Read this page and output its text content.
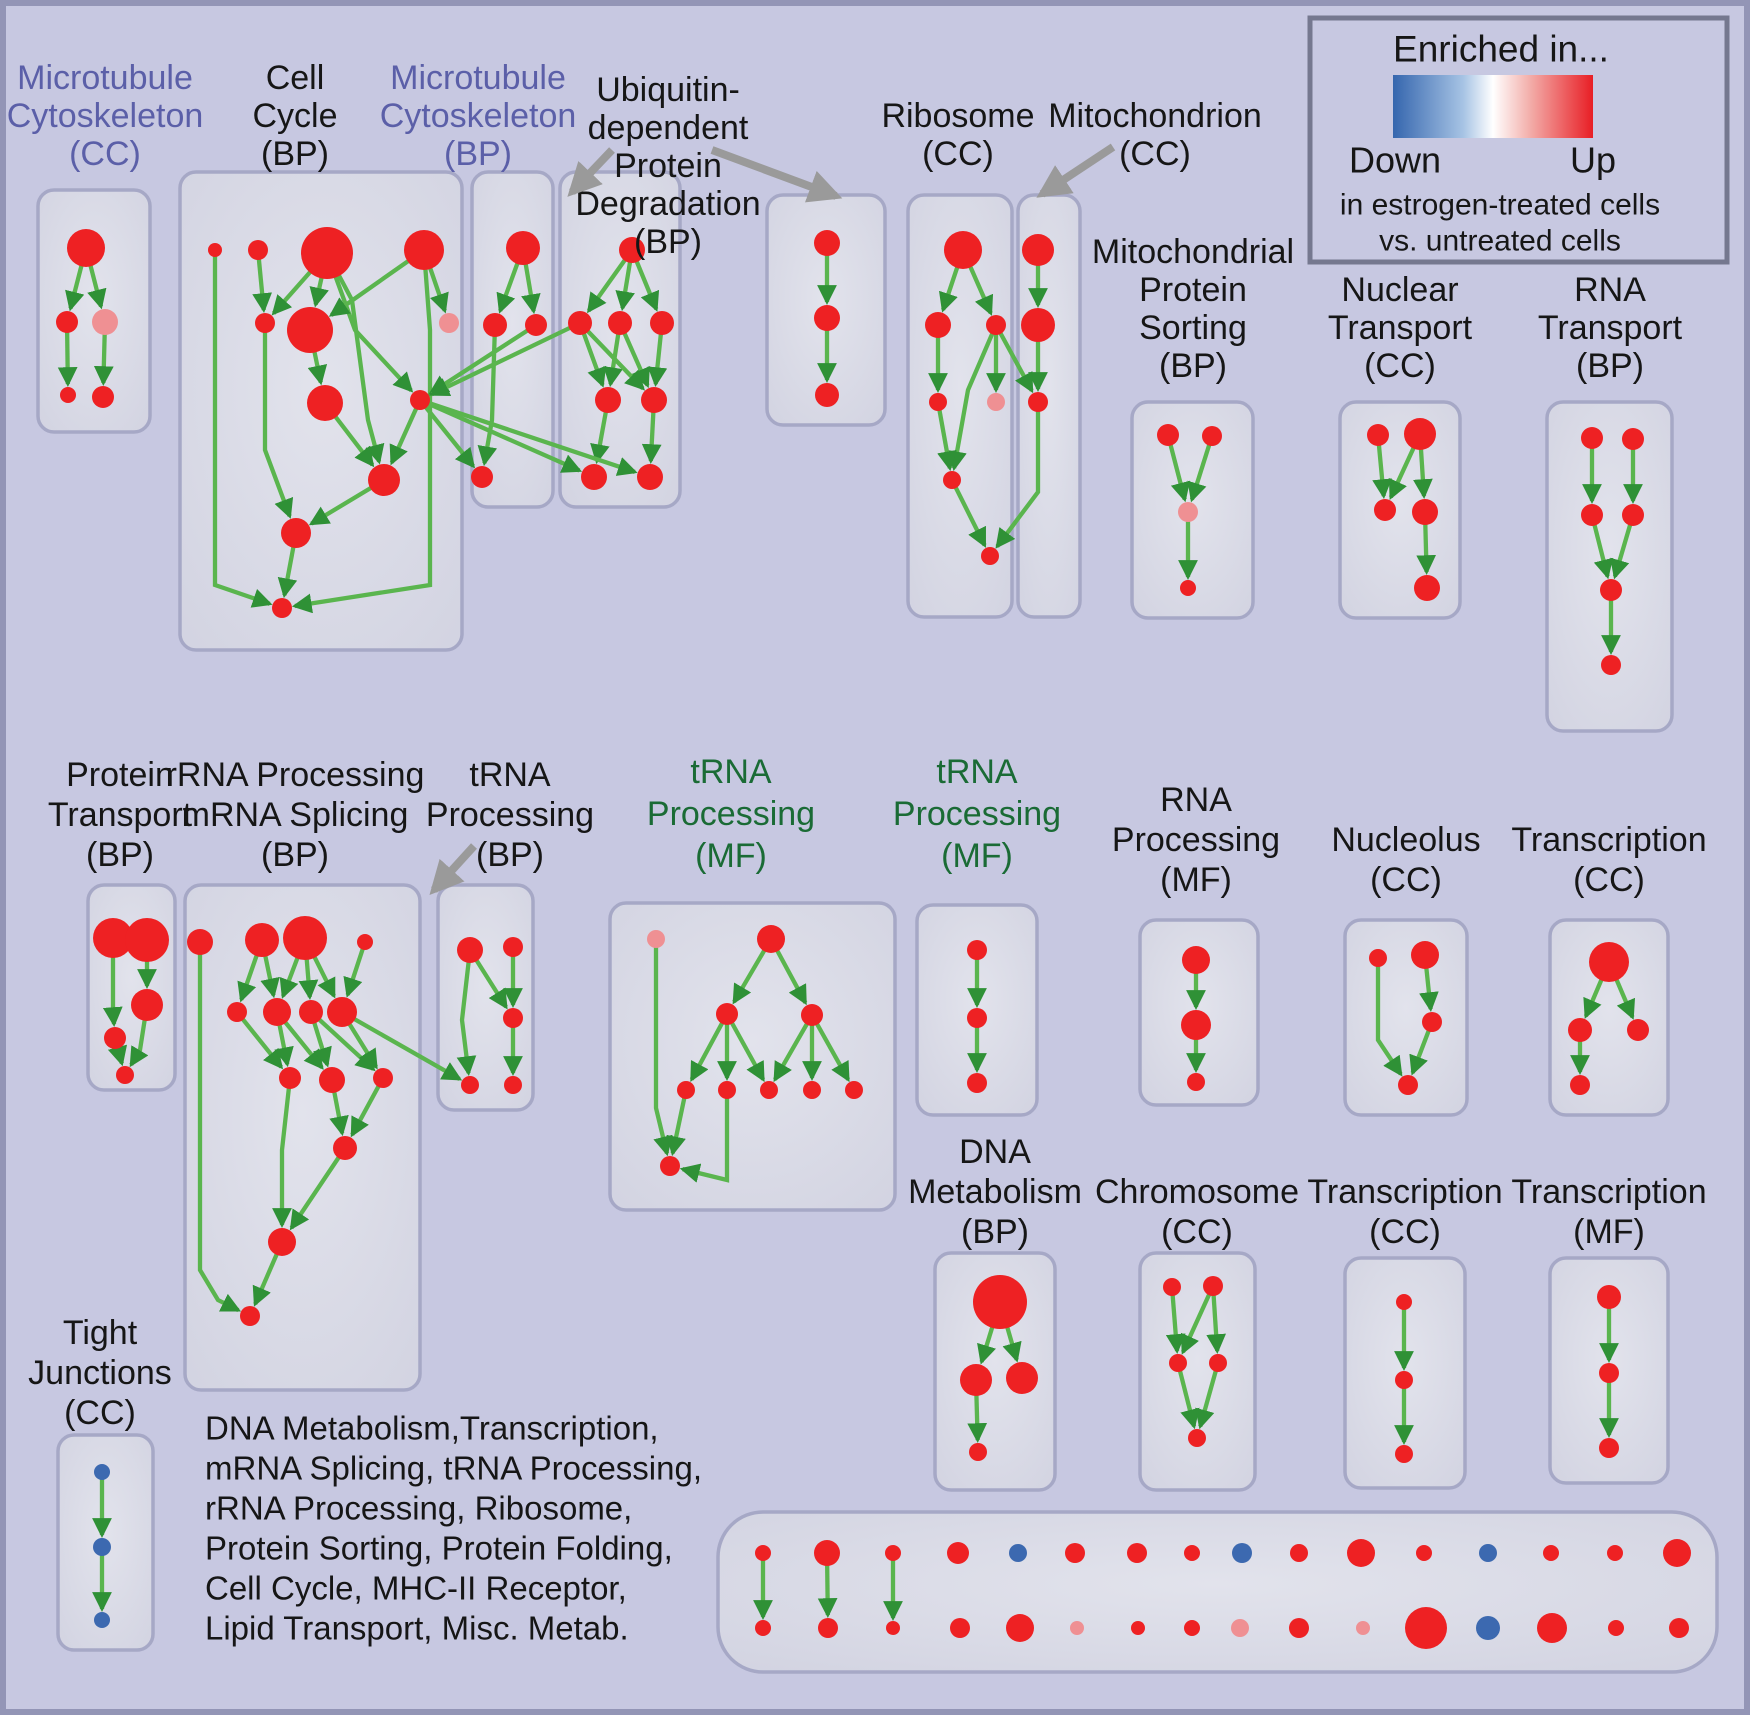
Microtubule
Cytoskeleton
(CC)
Cell
Cycle
(BP)
Microtubule
Cytoskeleton
(BP)
Ubiquitin-
dependent
Protein
Degradation
(BP)
Ribosome
(CC)
Mitochondrion
(CC)
Mitochondrial
Protein
Sorting
(BP)
Nuclear
Transport
(CC)
RNA
Transport
(BP)
Protein
Transport
(BP)
rRNA Processing
mRNA Splicing
(BP)
tRNA
Processing
(BP)
tRNA
Processing
(MF)
tRNA
Processing
(MF)
RNA
Processing
(MF)
Nucleolus
(CC)
Transcription
(CC)
DNA
Metabolism
(BP)
Chromosome
(CC)
Transcription
(CC)
Transcription
(MF)
Tight
Junctions
(CC)
Enriched in...
Down	Up
in estrogen-treated cells
vs. untreated cells
DNA Metabolism,Transcription,
mRNA Splicing, tRNA Processing,
rRNA Processing, Ribosome,
Protein Sorting, Protein Folding,
Cell Cycle, MHC-II Receptor,
Lipid Transport, Misc. Metab.
